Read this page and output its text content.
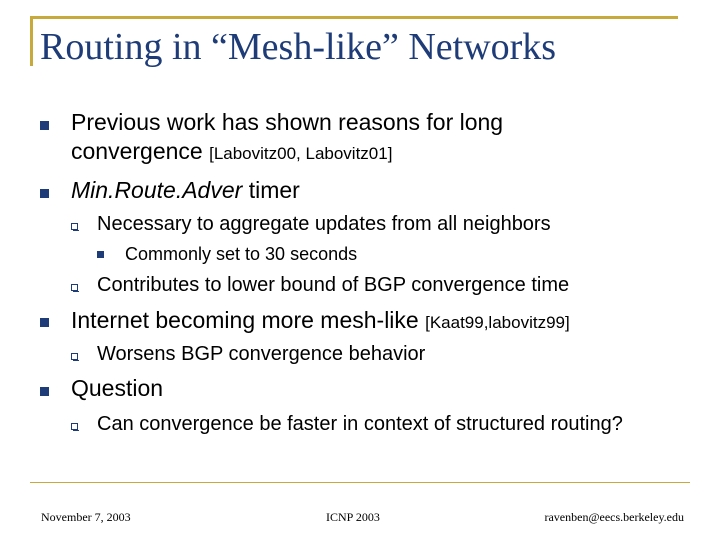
Routing in “Mesh-like” Networks
Previous work has shown reasons for long
convergence [Labovitz00, Labovitz01]
Min.Route.Adver timer
Necessary to aggregate updates from all neighbors
Commonly set to 30 seconds
Contributes to lower bound of BGP convergence time
Internet becoming more mesh-like [Kaat99,labovitz99]
Worsens BGP convergence behavior
Question
Can convergence be faster in context of structured routing?
November 7, 2003	ICNP 2003	ravenben@eecs.berkeley.edu
